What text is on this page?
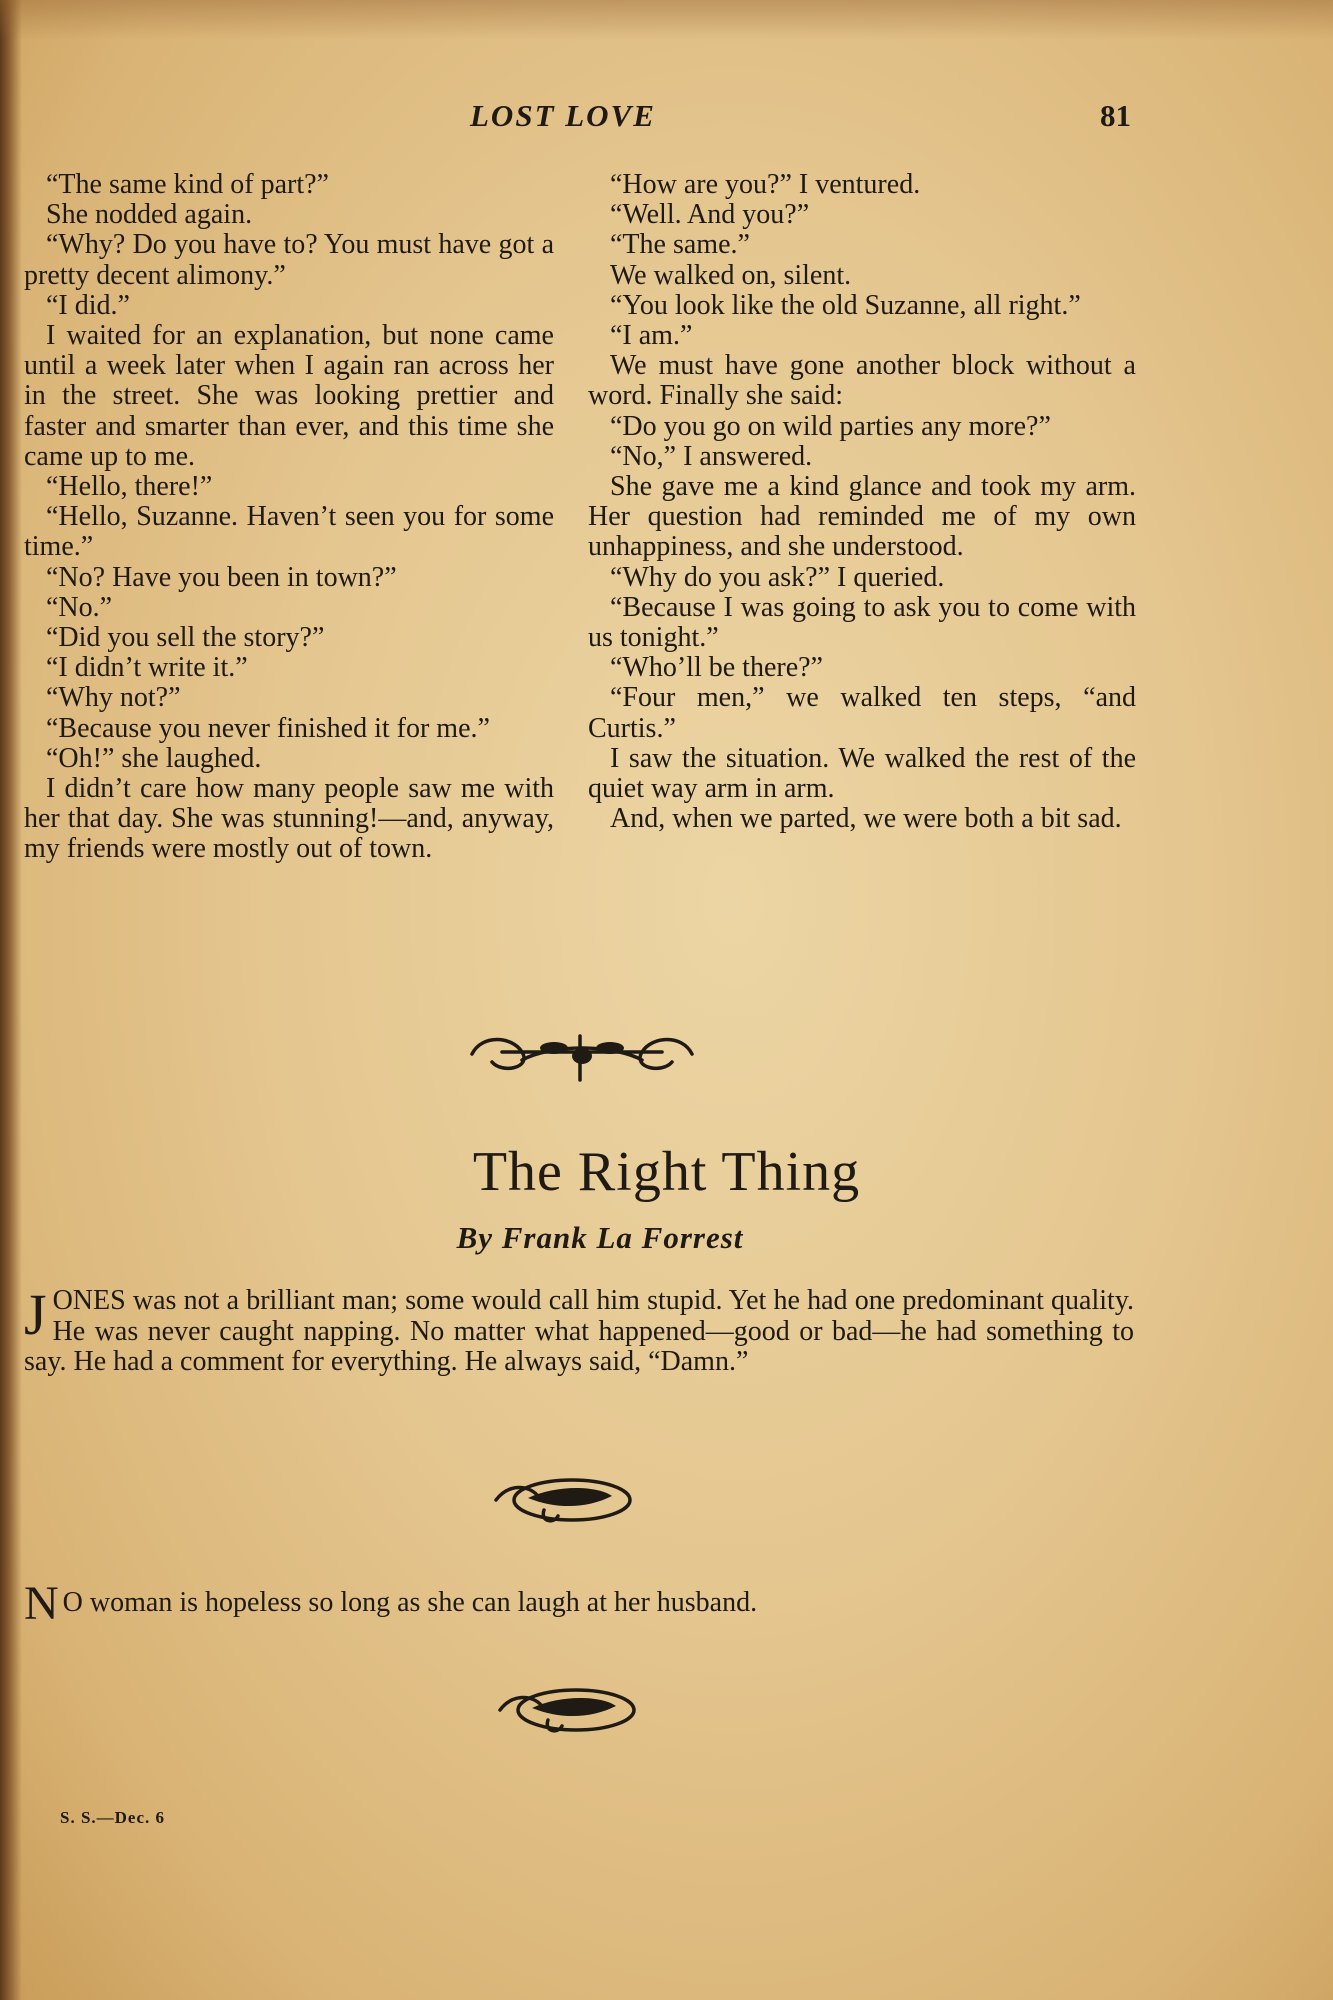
LOST LOVE	81

“The same kind of part?”

She nodded again.

“Why? Do you have to? You must have got a pretty decent alimony.”

“I did.”

I waited for an explanation, but none came until a week later when I again ran across her in the street. She was looking prettier and faster and smarter than ever, and this time she came up to me.

“Hello, there!”

“Hello, Suzanne. Haven’t seen you for some time.”

“No? Have you been in town?”

“No.”

“Did you sell the story?”

“I didn’t write it.”

“Why not?”

“Because you never finished it for me.”

“Oh!” she laughed.

I didn’t care how many people saw me with her that day. She was stunning!—and, anyway, my friends were mostly out of town.

“How are you?” I ventured.

“Well. And you?”

“The same.”

We walked on, silent.

“You look like the old Suzanne, all right.”

“I am.”

We must have gone another block without a word. Finally she said:

“Do you go on wild parties any more?”

“No,” I answered.

She gave me a kind glance and took my arm. Her question had reminded me of my own unhappiness, and she understood.

“Why do you ask?” I queried.

“Because I was going to ask you to come with us tonight.”

“Who’ll be there?”

“Four men,” we walked ten steps, “and Curtis.”

I saw the situation. We walked the rest of the quiet way arm in arm.

And, when we parted, we were both a bit sad.

The Right Thing
By Frank La Forrest
JONES was not a brilliant man; some would call him stupid. Yet he had one predominant quality. He was never caught napping. No matter what happened—good or bad—he had something to say. He had a comment for everything. He always said, “Damn.”
N O woman is hopeless so long as she can laugh at her husband.
S. S.—Dec. 6
